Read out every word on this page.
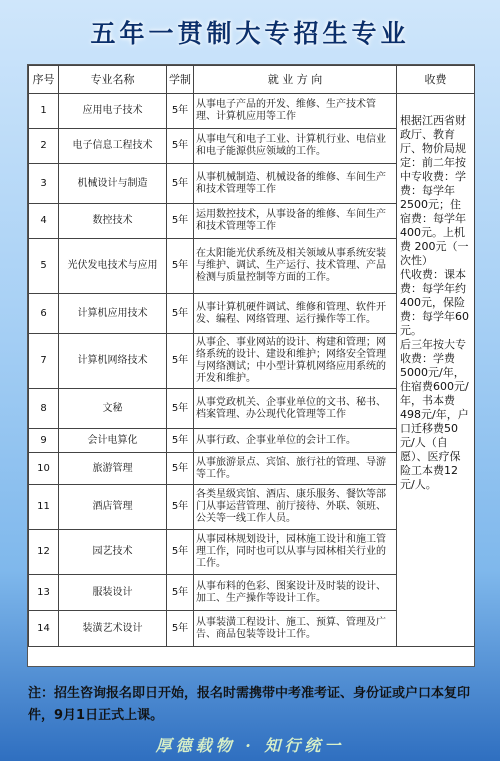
五年一贯制大专招生专业
序号	专业名称	学制	就 业 方 向	收费
1	应用电子技术	5年	从事电子产品的开发、维修、生产技术管理、计算机应用等工作	根据江西省财政厅、教育厅、物价局规定：前二年按中专收费：学费：每学年 2500元；住宿费：每学年400元。上机费 200元（一次性）
代收费：课本费：每学年约 400元，保险费：每学年60元。
后三年按大专收费：学费5000元/年，住宿费600元/年，书本费498元/年，户口迁移费50元/人（自愿）、医疗保险工本费12元/人。
2	电子信息工程技术	5年	从事电气和电子工业、计算机行业、电信业和电子能源供应领域的工作。	
3	机械设计与制造	5年	从事机械制造、机械设备的维修、车间生产和技术管理等工作	
4	数控技术	5年	运用数控技术，从事设备的维修、车间生产和技术管理等工作	
5	光伏发电技术与应用	5年	在太阳能光伏系统及相关领域从事系统安装与维护、调试、生产运行、技术管理、产品检测与质量控制等方面的工作。	
6	计算机应用技术	5年	从事计算机硬件调试、维修和管理、软件开发、编程、网络管理、运行操作等工作。	
7	计算机网络技术	5年	从事企、事业网站的设计、构建和管理；网络系统的设计、建设和维护；网络安全管理与网络测试；中小型计算机网络应用系统的开发和维护。	
8	文秘	5年	从事党政机关、企事业单位的文书、秘书、档案管理、办公现代化管理等工作	
9	会计电算化	5年	从事行政、企事业单位的会计工作。	
10	旅游管理	5年	从事旅游景点、宾馆、旅行社的管理、导游等工作。	
11	酒店管理	5年	各类星级宾馆、酒店、康乐服务、餐饮等部门从事运营管理、前厅接待、外联、领班、公关等一线工作人员。	
12	园艺技术	5年	从事园林规划设计，园林施工设计和施工管理工作，同时也可以从事与园林相关行业的工作。	
13	服装设计	5年	从事布料的色彩、图案设计及时装的设计、加工、生产操作等设计工作。	
14	装潢艺术设计	5年	从事装潢工程设计、施工、预算、管理及广告、商品包装等设计工作。	
注：招生咨询报名即日开始，报名时需携带中考准考证、身份证或户口本复印件，9月1日正式上课。
厚德载物 · 知行统一
